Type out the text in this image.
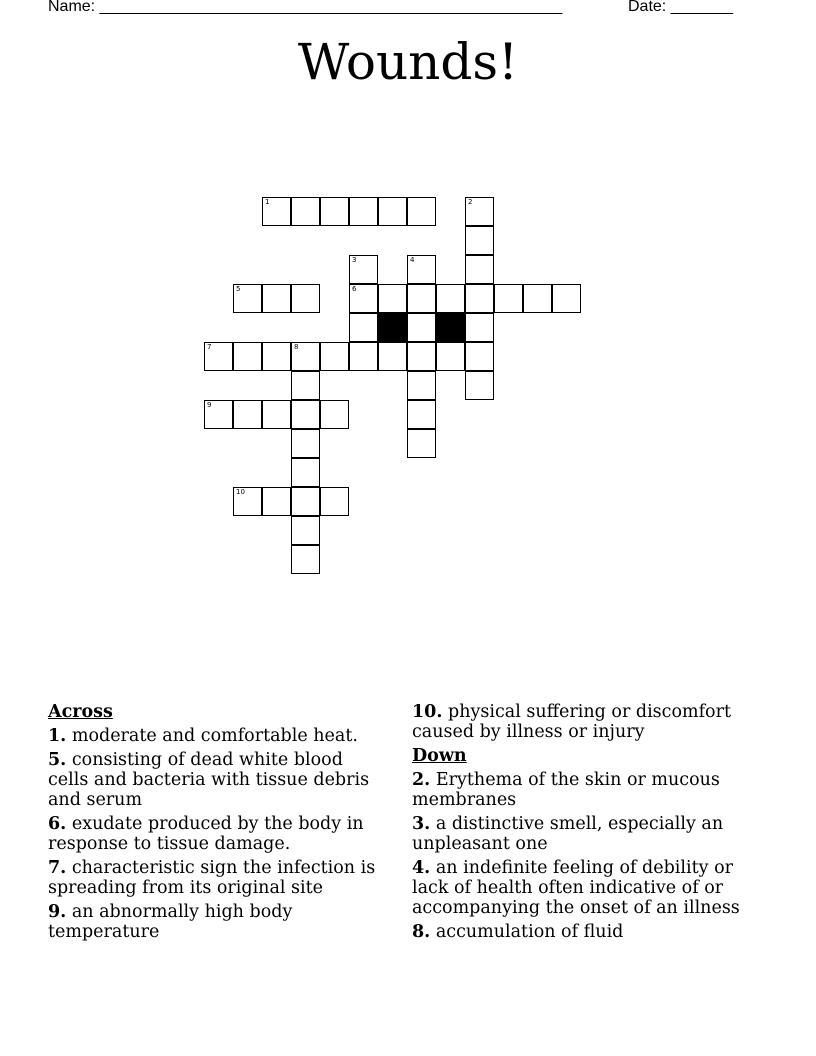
Name: ____________________________________________________	Date: _______
Wounds!
1	2
3	4
5	6
7	8
9
10
Across
1. moderate and comfortable heat.
5. consisting of dead white blood cells and bacteria with tissue debris and serum
6. exudate produced by the body in response to tissue damage.
7. characteristic sign the infection is spreading from its original site
9. an abnormally high body temperature
10. physical suffering or discomfort caused by illness or injury
Down
2. Erythema of the skin or mucous membranes
3. a distinctive smell, especially an unpleasant one
4. an indefinite feeling of debility or lack of health often indicative of or accompanying the onset of an illness
8. accumulation of fluid
